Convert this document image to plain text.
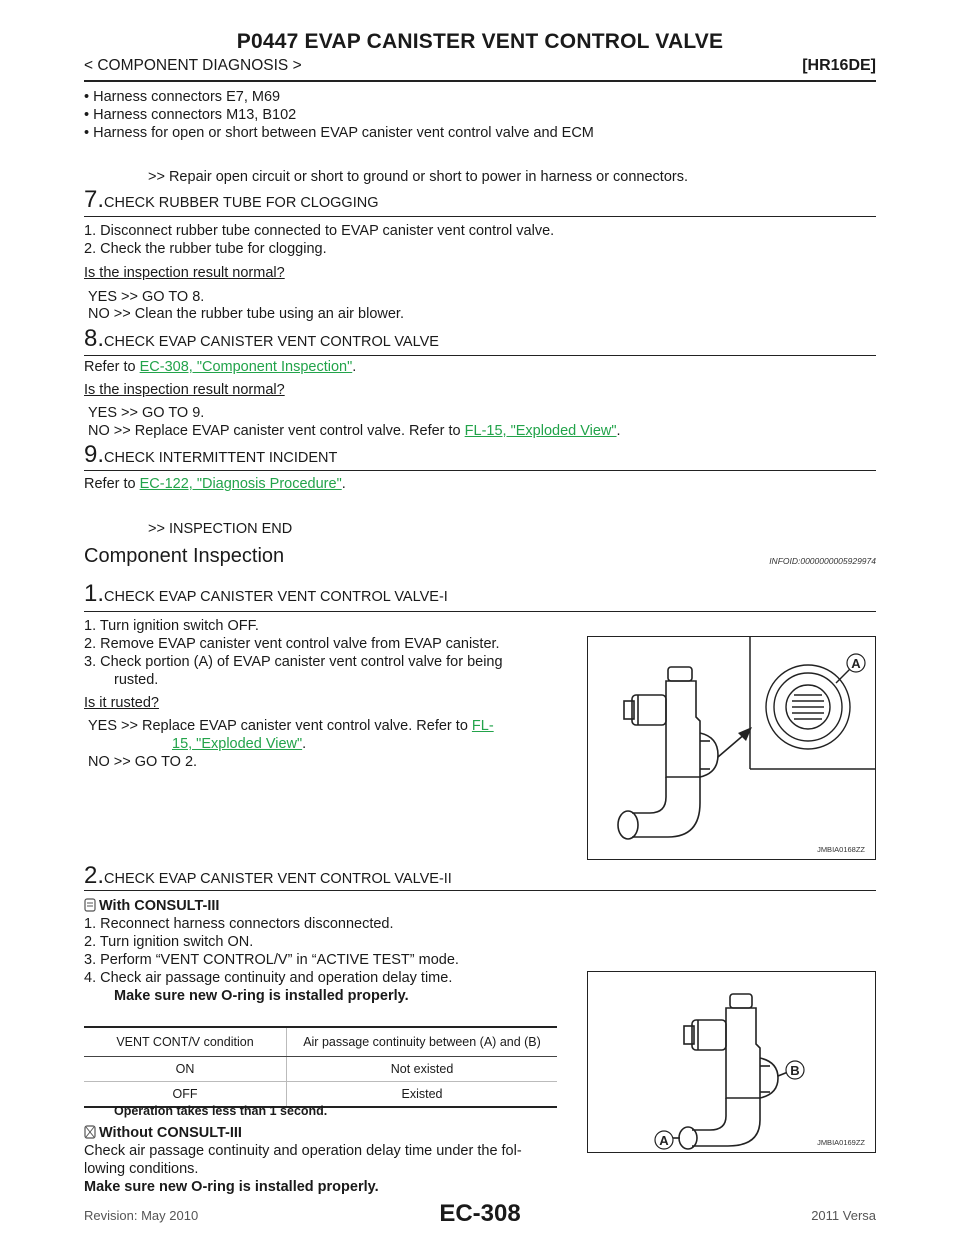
P0447 EVAP CANISTER VENT CONTROL VALVE
< COMPONENT DIAGNOSIS >	[HR16DE]
• Harness connectors E7, M69
• Harness connectors M13, B102
• Harness for open or short between EVAP canister vent control valve and ECM
>> Repair open circuit or short to ground or short to power in harness or connectors.
7.CHECK RUBBER TUBE FOR CLOGGING
1. Disconnect rubber tube connected to EVAP canister vent control valve.
2. Check the rubber tube for clogging.
Is the inspection result normal?
YES >> GO TO 8.
NO >> Clean the rubber tube using an air blower.
8.CHECK EVAP CANISTER VENT CONTROL VALVE
Refer to EC-308, "Component Inspection".
Is the inspection result normal?
YES >> GO TO 9.
NO >> Replace EVAP canister vent control valve. Refer to FL-15, "Exploded View".
9.CHECK INTERMITTENT INCIDENT
Refer to EC-122, "Diagnosis Procedure".
>> INSPECTION END
Component Inspection	INFOID:0000000005929974
1.CHECK EVAP CANISTER VENT CONTROL VALVE-I
1. Turn ignition switch OFF.
2. Remove EVAP canister vent control valve from EVAP canister.
3. Check portion (A) of EVAP canister vent control valve for being
rusted.
Is it rusted?
YES >> Replace EVAP canister vent control valve. Refer to FL-
15, "Exploded View".
NO >> GO TO 2.
A
JMBIA0168ZZ
2.CHECK EVAP CANISTER VENT CONTROL VALVE-II
With CONSULT-III
1. Reconnect harness connectors disconnected.
2. Turn ignition switch ON.
3. Perform “VENT CONTROL/V” in “ACTIVE TEST” mode.
4. Check air passage continuity and operation delay time.
Make sure new O-ring is installed properly.
VENT CONT/V condition	Air passage continuity between (A) and (B)
ON	Not existed
OFF	Existed
Operation takes less than 1 second.
Without CONSULT-III
Check air passage continuity and operation delay time under the fol-
lowing conditions.
Make sure new O-ring is installed properly.
B
A	JMBIA0169ZZ
Revision: May 2010	EC-308	2011 Versa
